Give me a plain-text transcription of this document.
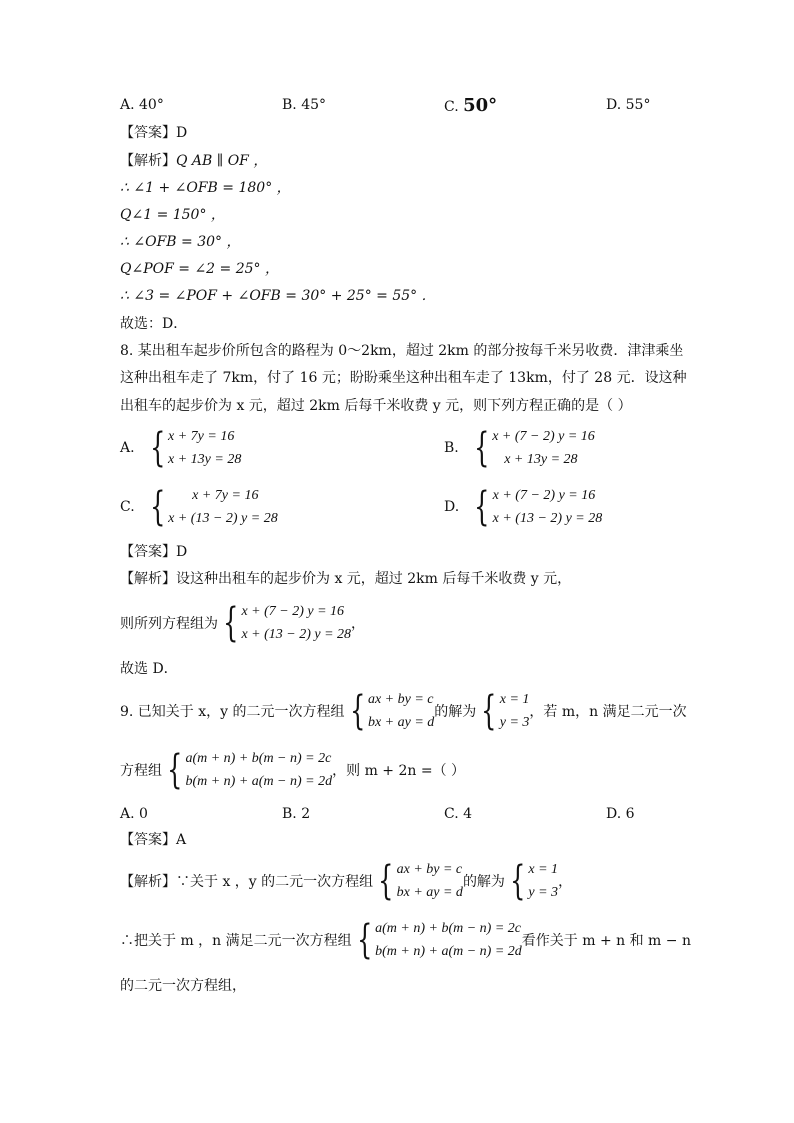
A. 40°	B. 45°	C. 50°	D. 55°
【答案】D
【解析】Q AB ∥ OF ，
∴ ∠1 + ∠OFB = 180° ，
Q∠1 = 150° ，
∴ ∠OFB = 30° ，
Q∠POF = ∠2 = 25° ，
∴ ∠3 = ∠POF + ∠OFB = 30° + 25° = 55° ．
故选：D．
8. 某出租车起步价所包含的路程为 0～2km，超过 2km 的部分按每千米另收费．津津乘坐
这种出租车走了 7km，付了 16 元；盼盼乘坐这种出租车走了 13km，付了 28 元．设这种
出租车的起步价为 x 元，超过 2km 后每千米收费 y 元，则下列方程正确的是（ ）
A. { x + 7y = 16
x + 13y = 28
B. { x + (7 − 2) y = 16
x + 13y = 28
C. {	x + 7y = 16
x + (13 − 2) y = 28
D. { x + (7 − 2) y = 16
x + (13 − 2) y = 28
【答案】D
【解析】设这种出租车的起步价为 x 元，超过 2km 后每千米收费 y 元，
则所列方程组为 { x + (7 − 2) y = 16
x + (13 − 2) y = 28
，
故选 D．
9. 已知关于 x，y 的二元一次方程组 { ax + by = c
bx + ay = d
的解为 { x = 1
y = 3
，若 m，n 满足二元一次
方程组 { a(m + n) + b(m − n) = 2c
b(m + n) + a(m − n) = 2d
，则 m + 2n =（ ）
A. 0	B. 2	C. 4	D. 6
【答案】A
【解析】∵关于 x ，y 的二元一次方程组 { ax + by = c
bx + ay = d
的解为 { x = 1
y = 3
，
∴把关于 m ，n 满足二元一次方程组 { a(m + n) + b(m − n) = 2c
b(m + n) + a(m − n) = 2d
看作关于 m + n 和 m − n
的二元一次方程组，
